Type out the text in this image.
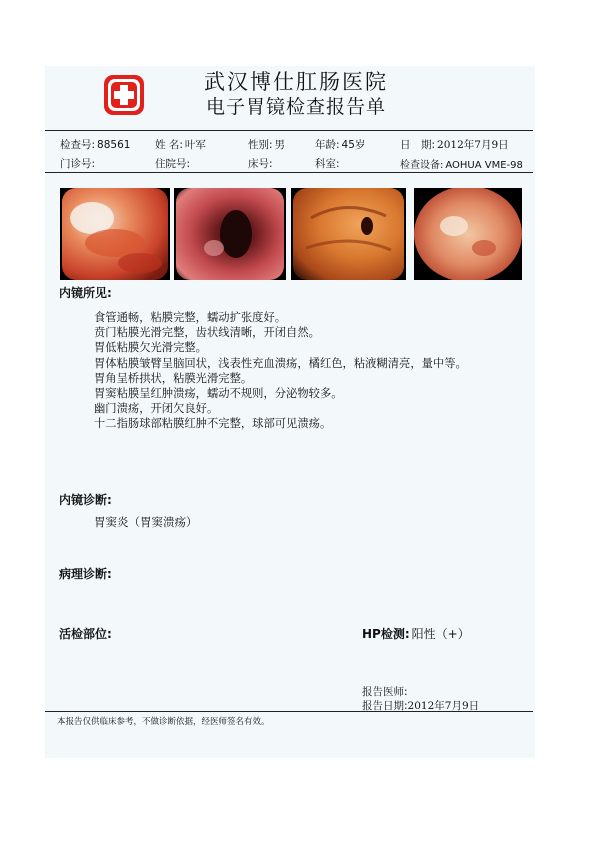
武汉博仕肛肠医院
电子胃镜检查报告单
检查号: 88561 姓 名: 叶军	性别: 男	年龄: 45岁	日　期: 2012年7月9日
门诊号:	住院号:	床号:	科室:	检查设备: AOHUA VME-98
内镜所见:
食管通畅，粘膜完整，蠕动扩张度好。
贲门粘膜光滑完整，齿状线清晰，开闭自然。
胃低粘膜欠光滑完整。
胃体粘膜皱臂呈脑回状，浅表性充血溃疡，橘红色，粘液糊清亮，量中等。
胃角呈桥拱状，粘膜光滑完整。
胃窦粘膜呈红肿溃疡，蠕动不规则，分泌物较多。
幽门溃疡，开闭欠良好。
十二指肠球部粘膜红肿不完整，球部可见溃疡。
内镜诊断:
胃窦炎（胃窦溃疡）
病理诊断:
活检部位:	HP检测: 阳性（+）
报告医师:
报告日期:2012年7月9日
本报告仅供临床参考，不做诊断依据，经医师签名有效。
